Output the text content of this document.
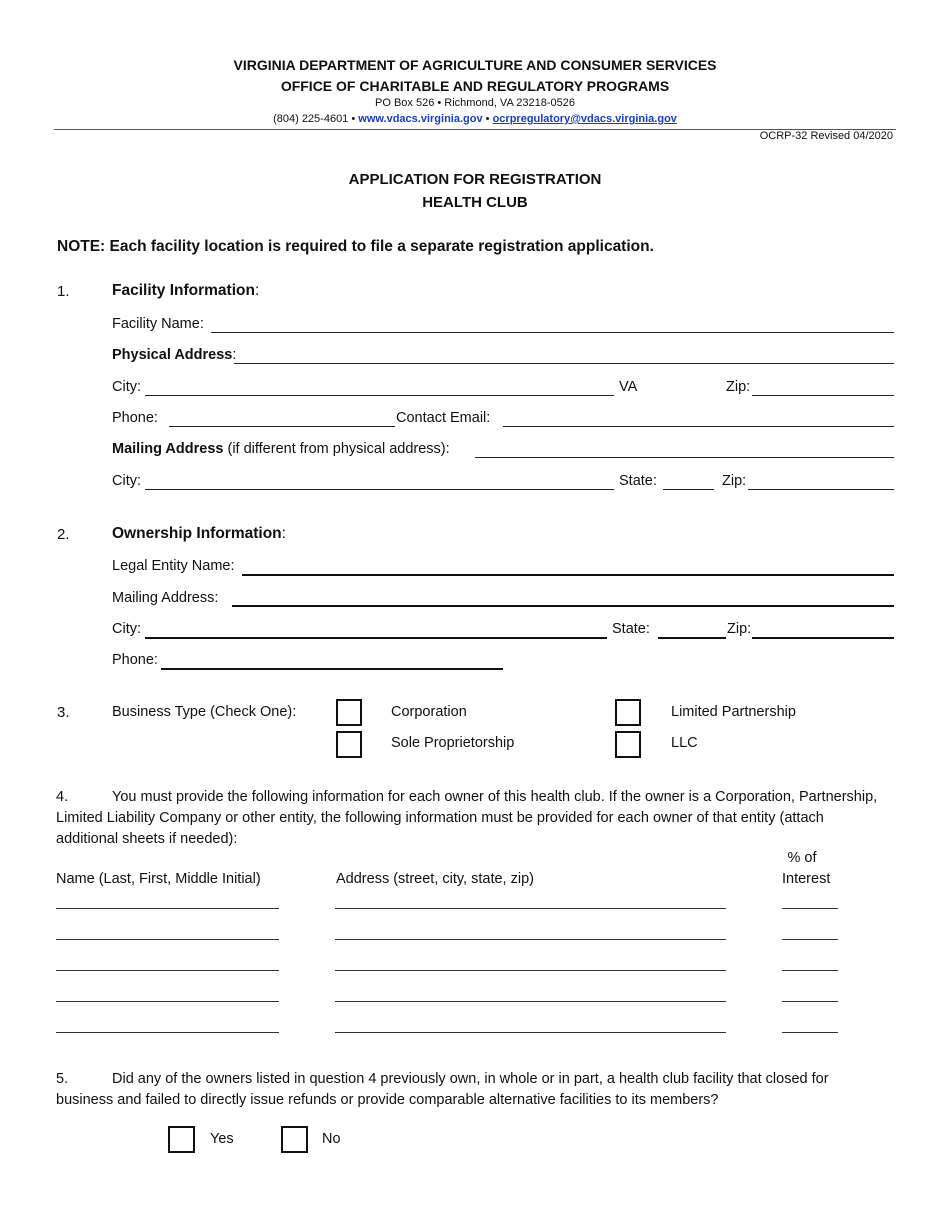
VIRGINIA DEPARTMENT OF AGRICULTURE AND CONSUMER SERVICES
OFFICE OF CHARITABLE AND REGULATORY PROGRAMS
PO Box 526 • Richmond, VA 23218-0526
(804) 225-4601 • www.vdacs.virginia.gov • ocrpregulatory@vdacs.virginia.gov
OCRP-32 Revised 04/2020
APPLICATION FOR REGISTRATION
HEALTH CLUB
NOTE: Each facility location is required to file a separate registration application.
1.	Facility Information:
Facility Name:
Physical Address:
City:	VA	Zip:
Phone:	Contact Email:
Mailing Address (if different from physical address):
City:	State:	Zip:
2.	Ownership Information:
Legal Entity Name:
Mailing Address:
City:	State:	Zip:
Phone:
3.	Business Type (Check One):	Corporation	Limited Partnership
Sole Proprietorship	LLC
4.	You must provide the following information for each owner of this health club. If the owner is a Corporation, Partnership, Limited Liability Company or other entity, the following information must be provided for each owner of that entity (attach additional sheets if needed):
% of
Name (Last, First, Middle Initial)	Address (street, city, state, zip)	Interest
5.	Did any of the owners listed in question 4 previously own, in whole or in part, a health club facility that closed for business and failed to directly issue refunds or provide comparable alternative facilities to its members?
Yes	No
